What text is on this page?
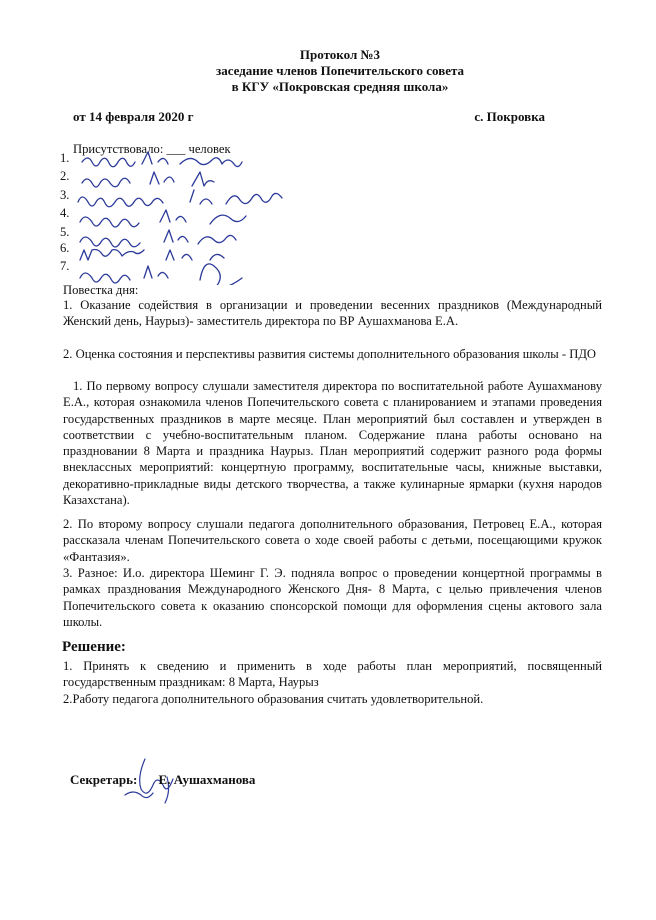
Протокол №3
заседание членов Попечительского совета
в КГУ «Покровская средняя школа»
от 14 февраля 2020 г	с. Покровка
Присутствовало: ___ человек
1.
2.
3.
4.
5.
6.
7.
Повестка дня:
1. Оказание содействия в организации и проведении весенних праздников (Международный Женский день, Наурыз)- заместитель директора по ВР Аушахманова Е.А.
2. Оценка состояния и перспективы развития системы дополнительного образования школы - ПДО
1. По первому вопросу слушали заместителя директора по воспитательной работе Аушахманову Е.А., которая ознакомила членов Попечительского совета с планированием и этапами проведения государственных праздников в марте месяце. План мероприятий был составлен и утвержден в соответствии с учебно-воспитательным планом. Содержание плана работы основано на праздновании 8 Марта и праздника Наурыз. План мероприятий содержит разного рода формы внеклассных мероприятий: концертную программу, воспитательные часы, книжные выставки, декоративно-прикладные виды детского творчества, а также кулинарные ярмарки (кухня народов Казахстана).
2. По второму вопросу слушали педагога дополнительного образования, Петровец Е.А., которая рассказала членам Попечительского совета о ходе своей работы с детьми, посещающими кружок «Фантазия».
3. Разное: И.о. директора Шеминг Г. Э. подняла вопрос о проведении концертной программы в рамках празднования Международного Женского Дня- 8 Марта, с целью привлечения членов Попечительского совета к оказанию спонсорской помощи для оформления сцены актового зала школы.
Решение:
1. Принять к сведению и применить в ходе работы план мероприятий, посвященный государственным праздникам: 8 Марта, Наурыз
2.Работу педагога дополнительного образования считать удовлетворительной.
Секретарь: Е. Аушахманова
